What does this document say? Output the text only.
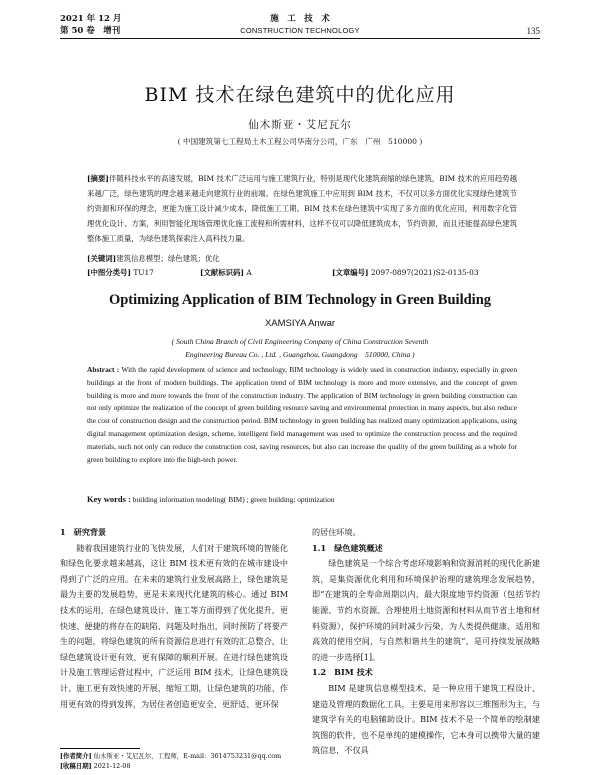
2021 年 12 月
第 50 卷　增刊
施　工　技　术
CONSTRUCTION TECHNOLOGY	135
BIM 技术在绿色建筑中的优化应用
仙木斯亚・艾尼瓦尔
( 中国建筑第七工程局土木工程公司华南分公司，广东　广州　510000 )
[摘要]伴随科技水平的高速发展，BIM 技术广泛运用与施工建筑行业，特别是现代化建筑商缩的绿色建筑，BIM 技术的应用趋势越来越广泛，绿色建筑的理念越来越走向建筑行业的前端。在绿色建筑施工中应用到 BIM 技术，不仅可以多方面优化实现绿色建筑节约资源和环保的理念，更能为施工设计减少成本，降低施工工期。BIM 技术在绿色建筑中实现了多方面的优化应用，利用数字化管理优化设计、方案，利用智能化现场管理优化施工流程和所需材料，这样不仅可以降低建筑成本，节约资源，而且还能提高绿色建筑整体施工质量，为绿色建筑探索注入高科技力量。
[关键词]建筑信息模型；绿色建筑；优化
[中图分类号] TU17	[文献标识码] A	[文章编号] 2097-0897(2021)S2-0135-03
Optimizing Application of BIM Technology in Green Building
XAMSIYA Anwar
( South China Branch of Civil Engineering Company of China Construction Seventh
Engineering Bureau Co. , Ltd. , Guangzhou, Guangdong　510000, China )
Abstract : With the rapid development of science and technology, BIM technology is widely used in construction industry, especially in green buildings at the front of modern buildings. The application trend of BIM technology is more and more extensive, and the concept of green building is more and more towards the front of the construction industry. The application of BIM technology in green building construction can not only optimize the realization of the concept of green building resource saving and environmental protection in many aspects, but also reduce the cost of construction design and the construction period. BIM technology in green building has realized many optimization applications, using digital management optimization design, scheme, intelligent field management was used to optimize the construction process and the required materials, such not only can reduce the construction cost, saving resources, but also can increase the quality of the green building as a whole for green building to explore into the high-tech power.
Key words : building information modeling( BIM) ; green building; optimization
1　研究背景

随着我国建筑行业的飞快发展，人们对于建筑环境的智能化和绿色化要求越来越高，这让 BIM 技术更有效的在城市建设中得到了广泛的应用。在未来的建筑行业发展高路上，绿色建筑是最为主要的发展趋势，更是未来现代化建筑的核心。通过 BIM 技术的运用，在绿色建筑设计、施工等方面得到了优化提升，更快速、便捷的将存在的缺陷、问题及时指出，同时预防了将要产生的问题，将绿色建筑的所有资源信息进行有效的汇总整合，让绿色建筑设计更有效、更有保障的顺利开展。在进行绿色建筑设计及施工管理运营过程中，广泛运用 BIM 技术，让绿色建筑设计、施工更有效快速的开展，缩短工期，让绿色建筑的功能、作用更有效的得到发挥，为居住者创造更安全、更舒适、更环保

的居住环境。

1.1　绿色建筑概述

绿色建筑是一个综合考虑环境影响和资源消耗的现代化新建筑，是集资源优化利用和环境保护治理的建筑理念发展趋势，即“在建筑的全寿命周期以内，最大限度地节约资源（包括节约能源、节约水资源、合理使用土地资源和材料从而节省土地和材料资源），保护环境的同时减少污染，为人类提供健康、适用和高效的使用空间，与自然和谐共生的建筑”，是可持续发展战略的进一步选择[1]。

1.2　BIM 技术

BIM 是建筑信息模型技术，是一种应用于建筑工程设计、建造及管理的数据化工具，主要是用来形容以三维图形为主，与建筑学有关的电脑辅助设计。BIM 技术不是一个简单的绘制建筑图的软件，也不是单纯的建模操作，它本身可以携带大量的建筑信息，不仅具

[作者简介] 仙木斯亚・艾尼瓦尔，工程师，E-mail：3614753231@qq.com
[收稿日期] 2021-12-08
